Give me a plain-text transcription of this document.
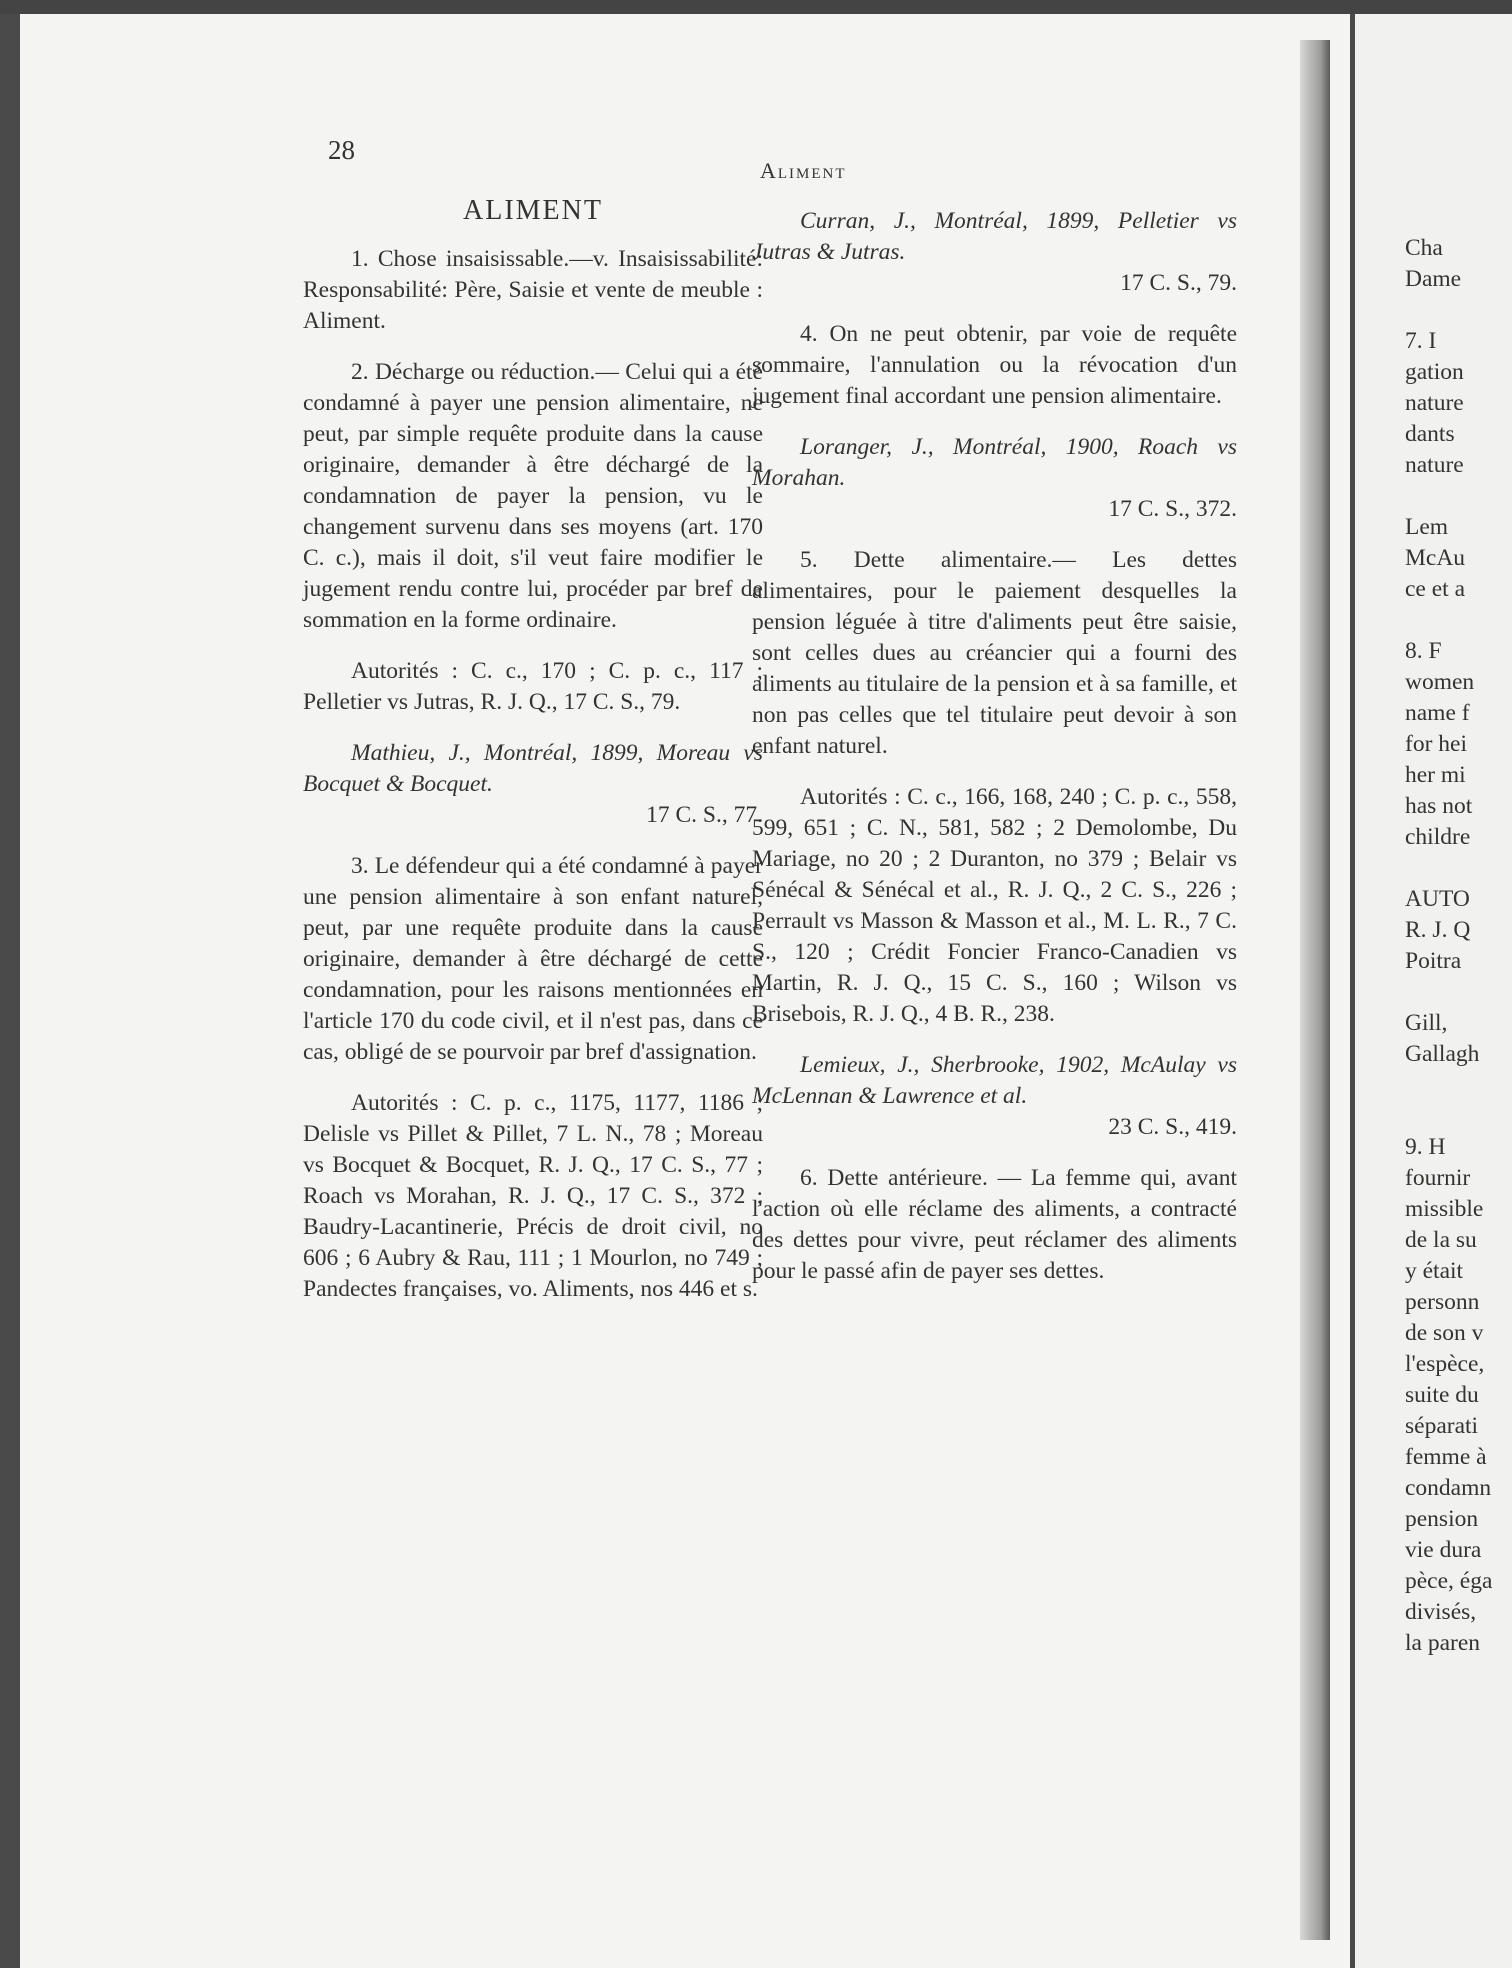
28
Aliment
ALIMENT

1. Chose insaisissable.—v. Insaisissabilité: Responsabilité: Père, Saisie et vente de meuble : Aliment.

2. Décharge ou réduction.— Celui qui a été condamné à payer une pension alimentaire, ne peut, par simple requête produite dans la cause originaire, demander à être déchargé de la condamnation de payer la pension, vu le changement survenu dans ses moyens (art. 170 C. c.), mais il doit, s'il veut faire modifier le jugement rendu contre lui, procéder par bref de sommation en la forme ordinaire.

Autorités : C. c., 170 ; C. p. c., 117 ; Pelletier vs Jutras, R. J. Q., 17 C. S., 79.

Mathieu, J., Montréal, 1899, Moreau vs Bocquet & Bocquet.

17 C. S., 77.

3. Le défendeur qui a été condamné à payer une pension alimentaire à son enfant naturel, peut, par une requête produite dans la cause originaire, demander à être déchargé de cette condamnation, pour les raisons mentionnées en l'article 170 du code civil, et il n'est pas, dans ce cas, obligé de se pourvoir par bref d'assignation.

Autorités : C. p. c., 1175, 1177, 1186 ; Delisle vs Pillet & Pillet, 7 L. N., 78 ; Moreau vs Bocquet & Bocquet, R. J. Q., 17 C. S., 77 ; Roach vs Morahan, R. J. Q., 17 C. S., 372 ; Baudry-Lacantinerie, Précis de droit civil, no 606 ; 6 Aubry & Rau, 111 ; 1 Mourlon, no 749 ; Pandectes françaises, vo. Aliments, nos 446 et s.

Curran, J., Montréal, 1899, Pelletier vs Jutras & Jutras.

17 C. S., 79.

4. On ne peut obtenir, par voie de requête sommaire, l'annulation ou la révocation d'un jugement final accordant une pension alimentaire.

Loranger, J., Montréal, 1900, Roach vs Morahan.

17 C. S., 372.

5. Dette alimentaire.— Les dettes alimentaires, pour le paiement desquelles la pension léguée à titre d'aliments peut être saisie, sont celles dues au créancier qui a fourni des aliments au titulaire de la pension et à sa famille, et non pas celles que tel titulaire peut devoir à son enfant naturel.

Autorités : C. c., 166, 168, 240 ; C. p. c., 558, 599, 651 ; C. N., 581, 582 ; 2 Demolombe, Du Mariage, no 20 ; 2 Duranton, no 379 ; Belair vs Sénécal & Sénécal et al., R. J. Q., 2 C. S., 226 ; Perrault vs Masson & Masson et al., M. L. R., 7 C. S., 120 ; Crédit Foncier Franco-Canadien vs Martin, R. J. Q., 15 C. S., 160 ; Wilson vs Brisebois, R. J. Q., 4 B. R., 238.

Lemieux, J., Sherbrooke, 1902, McAulay vs McLennan & Lawrence et al.

23 C. S., 419.

6. Dette antérieure. — La femme qui, avant l'action où elle réclame des aliments, a contracté des dettes pour vivre, peut réclamer des aliments pour le passé afin de payer ses dettes.

Cha
Dame

7. I
gation
nature
dants
nature

Lem
McAu
ce et a

8. F
women
name f
for hei
her mi
has not
childre

AUTO
R. J. Q
Poitra

Gill,
Gallagh

9. H
fournir
missible
de la su
y était
personn
de son v
l'espèce,
suite du
séparati
femme à
condamn
pension
vie dura
pèce, éga
divisés,
la paren
